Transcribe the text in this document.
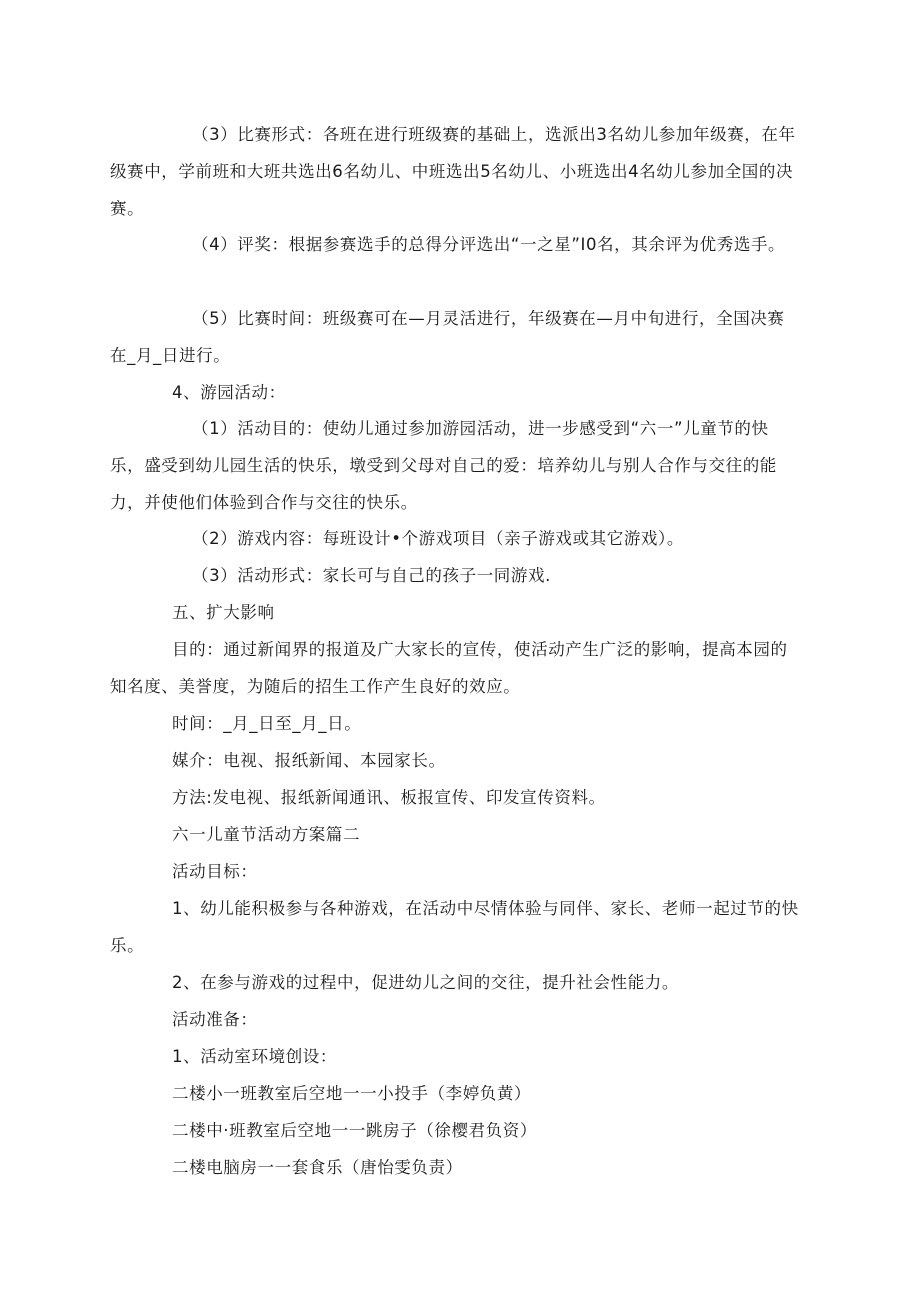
（3）比赛形式：各班在进行班级赛的基础上，选派出3名幼儿参加年级赛，在年级赛中，学前班和大班共选出6名幼儿、中班选出5名幼儿、小班选出4名幼儿参加全国的决赛。

（4）评奖：根据参赛选手的总得分评选出“一之星”I0名，其余评为优秀选手。

（5）比赛时间：班级赛可在—月灵活进行，年级赛在—月中旬进行，全国决赛在_月_日进行。

4、游园活动：

（1）活动目的：使幼儿通过参加游园活动，进一步感受到“六一”儿童节的快乐，盛受到幼儿园生活的快乐，墩受到父母对自己的爱：培养幼儿与别人合作与交往的能力，并使他们体验到合作与交往的快乐。

（2）游戏内容：每班设计•个游戏项目（亲子游戏或其它游戏）。

（3）活动形式：家长可与自己的孩子一同游戏.

五、扩大影响

目的：通过新闻界的报道及广大家长的宣传，使活动产生广泛的影响，提高本园的知名度、美誉度，为随后的招生工作产生良好的效应。

时间：_月_日至_月_日。

媒介：电视、报纸新闻、本园家长。

方法:发电视、报纸新闻通讯、板报宣传、印发宣传资料。

六一儿童节活动方案篇二

活动目标：

1、幼儿能积极参与各种游戏，在活动中尽情体验与同伴、家长、老师一起过节的快乐。

2、在参与游戏的过程中，促进幼儿之间的交往，提升社会性能力。

活动准备：

1、活动室环境创设：

二楼小一班教室后空地一一小投手（李婷负黄）

二楼中·班教室后空地一一跳房子（徐樱君负资）

二楼电脑房一一套食乐（唐怡雯负责）
